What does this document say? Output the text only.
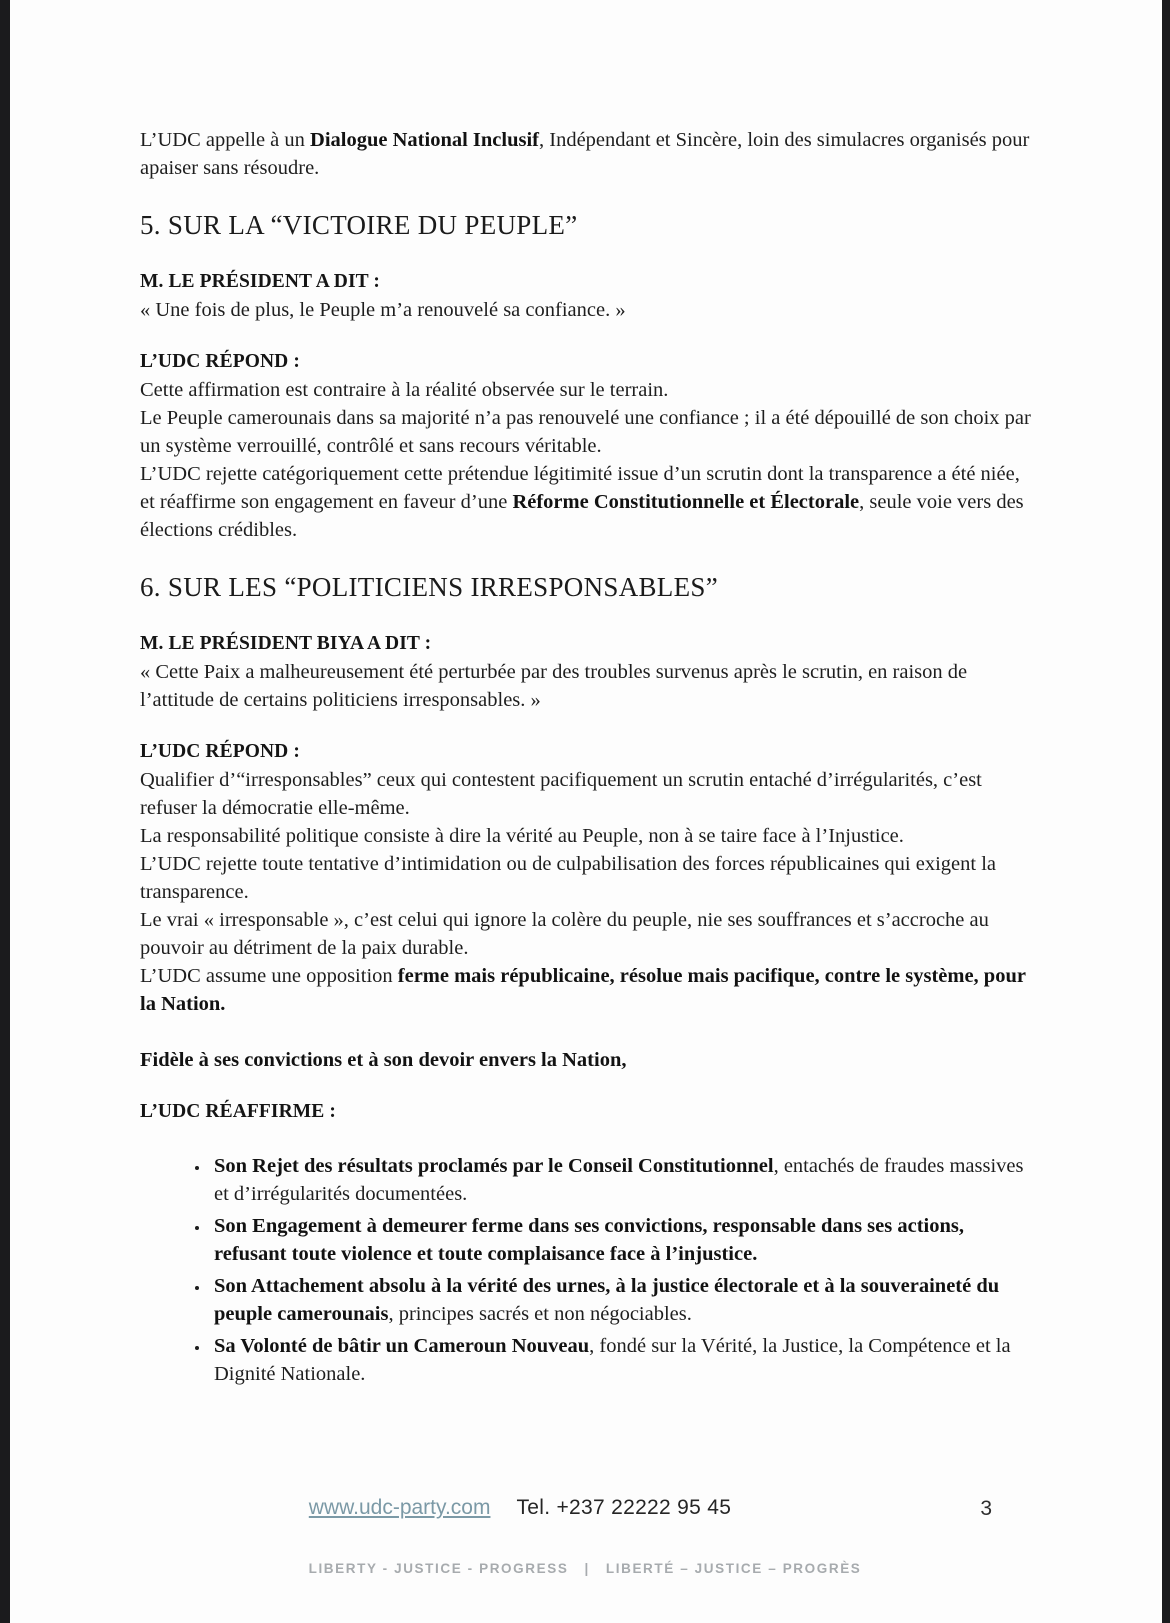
L’UDC appelle à un Dialogue National Inclusif, Indépendant et Sincère, loin des simulacres organisés pour apaiser sans résoudre.

5. SUR LA “VICTOIRE DU PEUPLE”

M. LE PRÉSIDENT A DIT :

« Une fois de plus, le Peuple m’a renouvelé sa confiance. »

L’UDC RÉPOND :

Cette affirmation est contraire à la réalité observée sur le terrain.

Le Peuple camerounais dans sa majorité n’a pas renouvelé une confiance ; il a été dépouillé de son choix par un système verrouillé, contrôlé et sans recours véritable.

L’UDC rejette catégoriquement cette prétendue légitimité issue d’un scrutin dont la transparence a été niée, et réaffirme son engagement en faveur d’une Réforme Constitutionnelle et Électorale, seule voie vers des élections crédibles.

6. SUR LES “POLITICIENS IRRESPONSABLES”

M. LE PRÉSIDENT BIYA A DIT :

« Cette Paix a malheureusement été perturbée par des troubles survenus après le scrutin, en raison de l’attitude de certains politiciens irresponsables. »

L’UDC RÉPOND :

Qualifier d’“irresponsables” ceux qui contestent pacifiquement un scrutin entaché d’irrégularités, c’est refuser la démocratie elle-même.

La responsabilité politique consiste à dire la vérité au Peuple, non à se taire face à l’Injustice.

L’UDC rejette toute tentative d’intimidation ou de culpabilisation des forces républicaines qui exigent la transparence.

Le vrai « irresponsable », c’est celui qui ignore la colère du peuple, nie ses souffrances et s’accroche au pouvoir au détriment de la paix durable.

L’UDC assume une opposition ferme mais républicaine, résolue mais pacifique, contre le système, pour la Nation.

Fidèle à ses convictions et à son devoir envers la Nation,

L’UDC RÉAFFIRME :

• Son Rejet des résultats proclamés par le Conseil Constitutionnel, entachés de fraudes massives et d’irrégularités documentées.
• Son Engagement à demeurer ferme dans ses convictions, responsable dans ses actions, refusant toute violence et toute complaisance face à l’injustice.
• Son Attachement absolu à la vérité des urnes, à la justice électorale et à la souveraineté du peuple camerounais, principes sacrés et non négociables.
• Sa Volonté de bâtir un Cameroun Nouveau, fondé sur la Vérité, la Justice, la Compétence et la Dignité Nationale.
www.udc-party.com Tel. +237 22222 95 45	3
LIBERTY - JUSTICE - PROGRESS   |   LIBERTÉ – JUSTICE – PROGRÈS
